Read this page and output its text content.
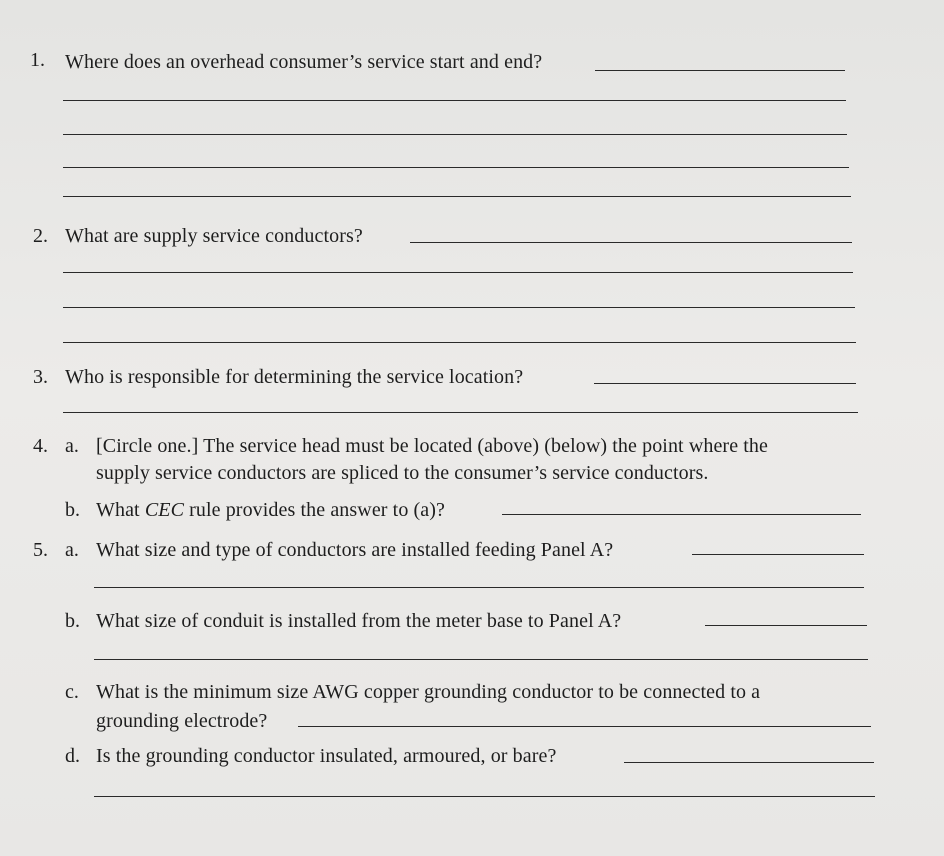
1. Where does an overhead consumer’s service start and end?
2. What are supply service conductors?
3. Who is responsible for determining the service location?
4. a. [Circle one.] The service head must be located (above) (below) the point where the
supply service conductors are spliced to the consumer’s service conductors.
b. What CEC rule provides the answer to (a)?
5. a. What size and type of conductors are installed feeding Panel A?
b. What size of conduit is installed from the meter base to Panel A?
c. What is the minimum size AWG copper grounding conductor to be connected to a
grounding electrode?
d. Is the grounding conductor insulated, armoured, or bare?
